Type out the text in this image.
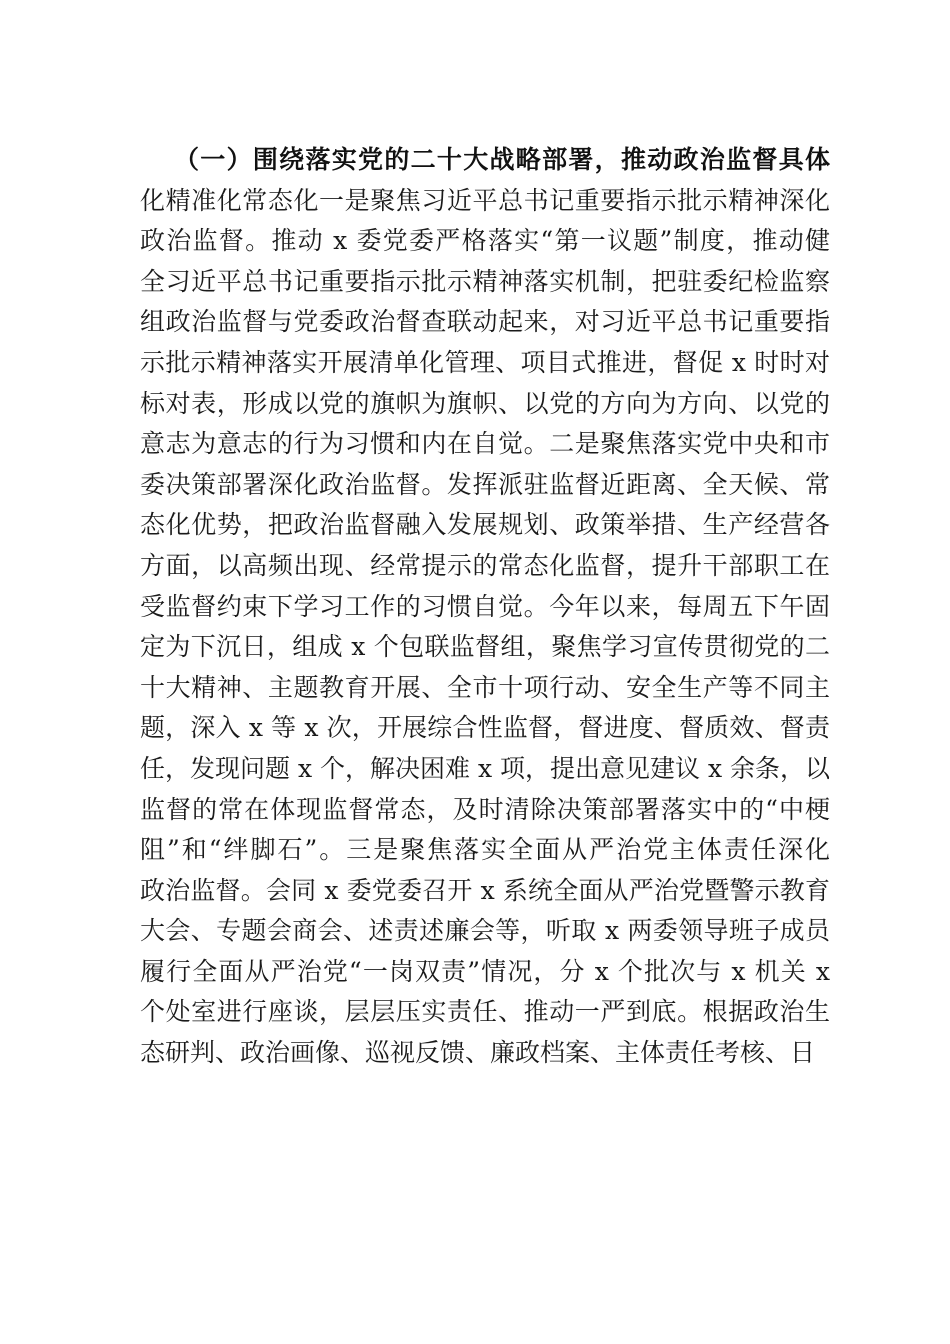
（一）围绕落实党的二十大战略部署，推动政治监督具体
化精准化常态化一是聚焦习近平总书记重要指示批示精神深化
政治监督。推动 x 委党委严格落实“第一议题”制度，推动健
全习近平总书记重要指示批示精神落实机制，把驻委纪检监察
组政治监督与党委政治督查联动起来，对习近平总书记重要指
示批示精神落实开展清单化管理、项目式推进，督促 x 时时对
标对表，形成以党的旗帜为旗帜、以党的方向为方向、以党的
意志为意志的行为习惯和内在自觉。二是聚焦落实党中央和市
委决策部署深化政治监督。发挥派驻监督近距离、全天候、常
态化优势，把政治监督融入发展规划、政策举措、生产经营各
方面，以高频出现、经常提示的常态化监督，提升干部职工在
受监督约束下学习工作的习惯自觉。今年以来，每周五下午固
定为下沉日，组成 x 个包联监督组，聚焦学习宣传贯彻党的二
十大精神、主题教育开展、全市十项行动、安全生产等不同主
题，深入 x 等 x 次，开展综合性监督，督进度、督质效、督责
任，发现问题 x 个，解决困难 x 项，提出意见建议 x 余条，以
监督的常在体现监督常态，及时清除决策部署落实中的“中梗
阻”和“绊脚石”。三是聚焦落实全面从严治党主体责任深化
政治监督。会同 x 委党委召开 x 系统全面从严治党暨警示教育
大会、专题会商会、述责述廉会等，听取 x 两委领导班子成员
履行全面从严治党“一岗双责”情况，分 x 个批次与 x 机关 x
个处室进行座谈，层层压实责任、推动一严到底。根据政治生
态研判、政治画像、巡视反馈、廉政档案、主体责任考核、日
